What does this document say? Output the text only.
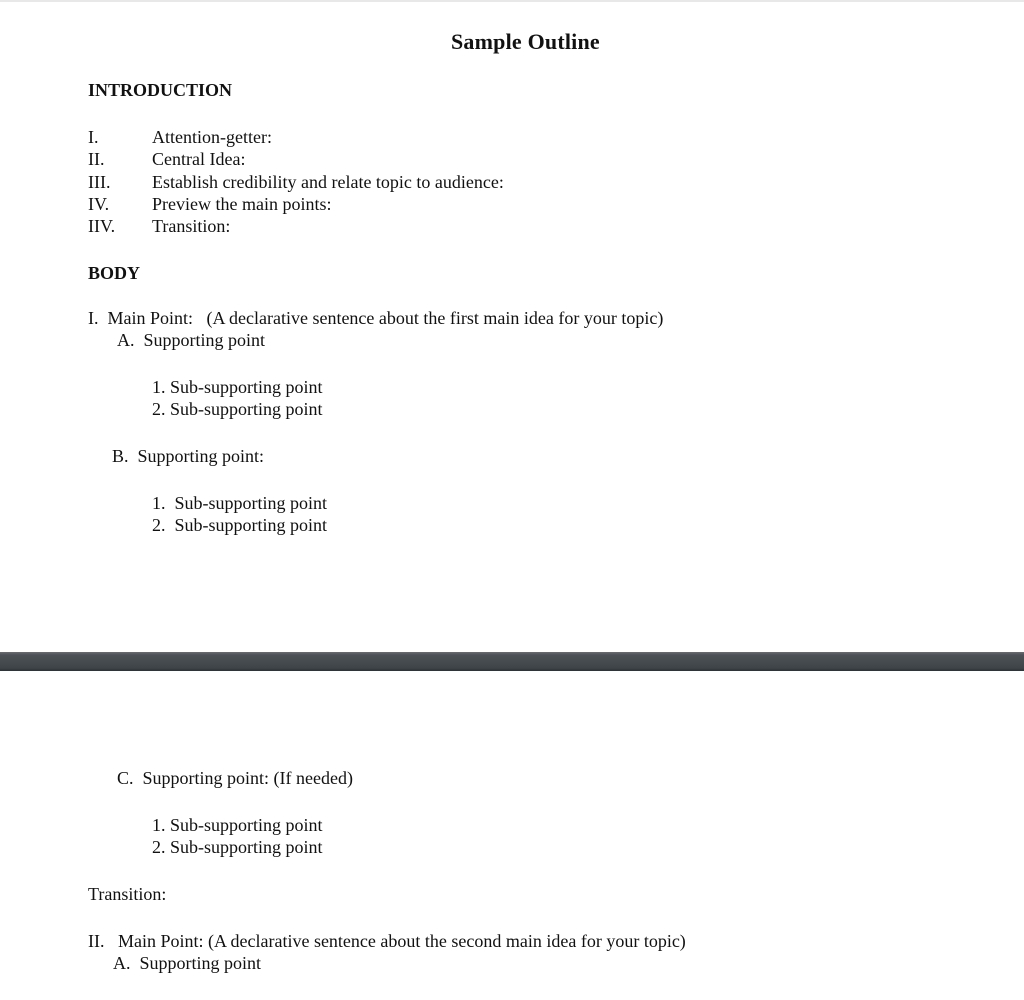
Sample Outline
INTRODUCTION
I.	Attention-getter:
II.	Central Idea:
III. Establish credibility and relate topic to audience:
IV. Preview the main points:
IIV. Transition:
BODY
I.  Main Point:   (A declarative sentence about the first main idea for your topic)
A.  Supporting point
1. Sub-supporting point
2. Sub-supporting point
B.  Supporting point:
1.  Sub-supporting point
2.  Sub-supporting point
C.  Supporting point: (If needed)
1. Sub-supporting point
2. Sub-supporting point
Transition:
II.   Main Point: (A declarative sentence about the second main idea for your topic)
A.  Supporting point
